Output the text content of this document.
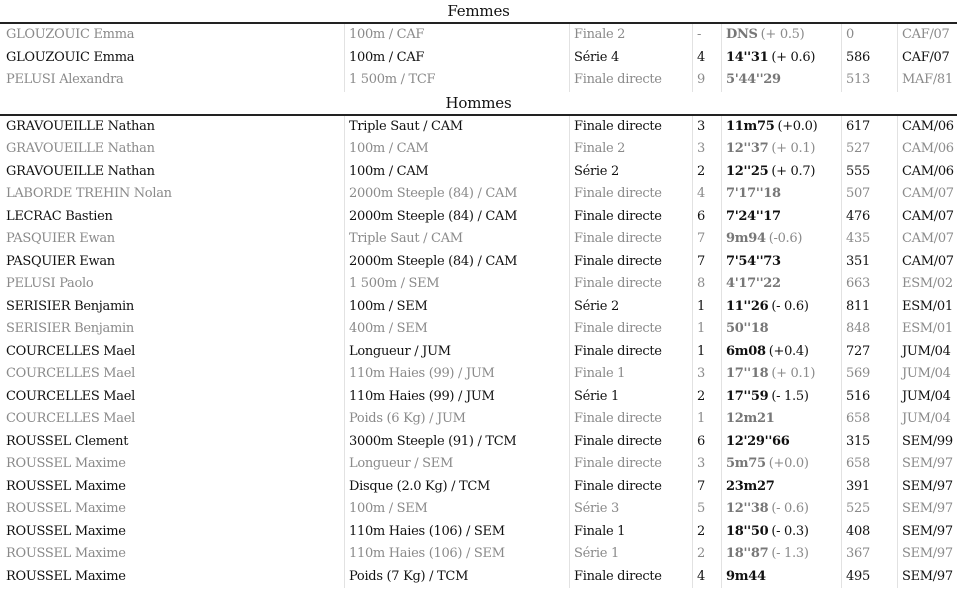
Femmes
GLOUZOUIC Emma	100m / CAF	Finale 2	-	DNS (+ 0.5)	0	CAF/07
GLOUZOUIC Emma	100m / CAF	Série 4	4	14''31 (+ 0.6)	586	CAF/07
PELUSI Alexandra	1 500m / TCF	Finale directe	9	5'44''29	513	MAF/81
Hommes
GRAVOUEILLE Nathan	Triple Saut / CAM	Finale directe	3	11m75 (+0.0)	617	CAM/06
GRAVOUEILLE Nathan	100m / CAM	Finale 2	3	12''37 (+ 0.1)	527	CAM/06
GRAVOUEILLE Nathan	100m / CAM	Série 2	2	12''25 (+ 0.7)	555	CAM/06
LABORDE TREHIN Nolan	2000m Steeple (84) / CAM	Finale directe	4	7'17''18	507	CAM/07
LECRAC Bastien	2000m Steeple (84) / CAM	Finale directe	6	7'24''17	476	CAM/07
PASQUIER Ewan	Triple Saut / CAM	Finale directe	7	9m94 (-0.6)	435	CAM/07
PASQUIER Ewan	2000m Steeple (84) / CAM	Finale directe	7	7'54''73	351	CAM/07
PELUSI Paolo	1 500m / SEM	Finale directe	8	4'17''22	663	ESM/02
SERISIER Benjamin	100m / SEM	Série 2	1	11''26 (- 0.6)	811	ESM/01
SERISIER Benjamin	400m / SEM	Finale directe	1	50''18	848	ESM/01
COURCELLES Mael	Longueur / JUM	Finale directe	1	6m08 (+0.4)	727	JUM/04
COURCELLES Mael	110m Haies (99) / JUM	Finale 1	3	17''18 (+ 0.1)	569	JUM/04
COURCELLES Mael	110m Haies (99) / JUM	Série 1	2	17''59 (- 1.5)	516	JUM/04
COURCELLES Mael	Poids (6 Kg) / JUM	Finale directe	1	12m21	658	JUM/04
ROUSSEL Clement	3000m Steeple (91) / TCM	Finale directe	6	12'29''66	315	SEM/99
ROUSSEL Maxime	Longueur / SEM	Finale directe	3	5m75 (+0.0)	658	SEM/97
ROUSSEL Maxime	Disque (2.0 Kg) / TCM	Finale directe	7	23m27	391	SEM/97
ROUSSEL Maxime	100m / SEM	Série 3	5	12''38 (- 0.6)	525	SEM/97
ROUSSEL Maxime	110m Haies (106) / SEM	Finale 1	2	18''50 (- 0.3)	408	SEM/97
ROUSSEL Maxime	110m Haies (106) / SEM	Série 1	2	18''87 (- 1.3)	367	SEM/97
ROUSSEL Maxime	Poids (7 Kg) / TCM	Finale directe	4	9m44	495	SEM/97
